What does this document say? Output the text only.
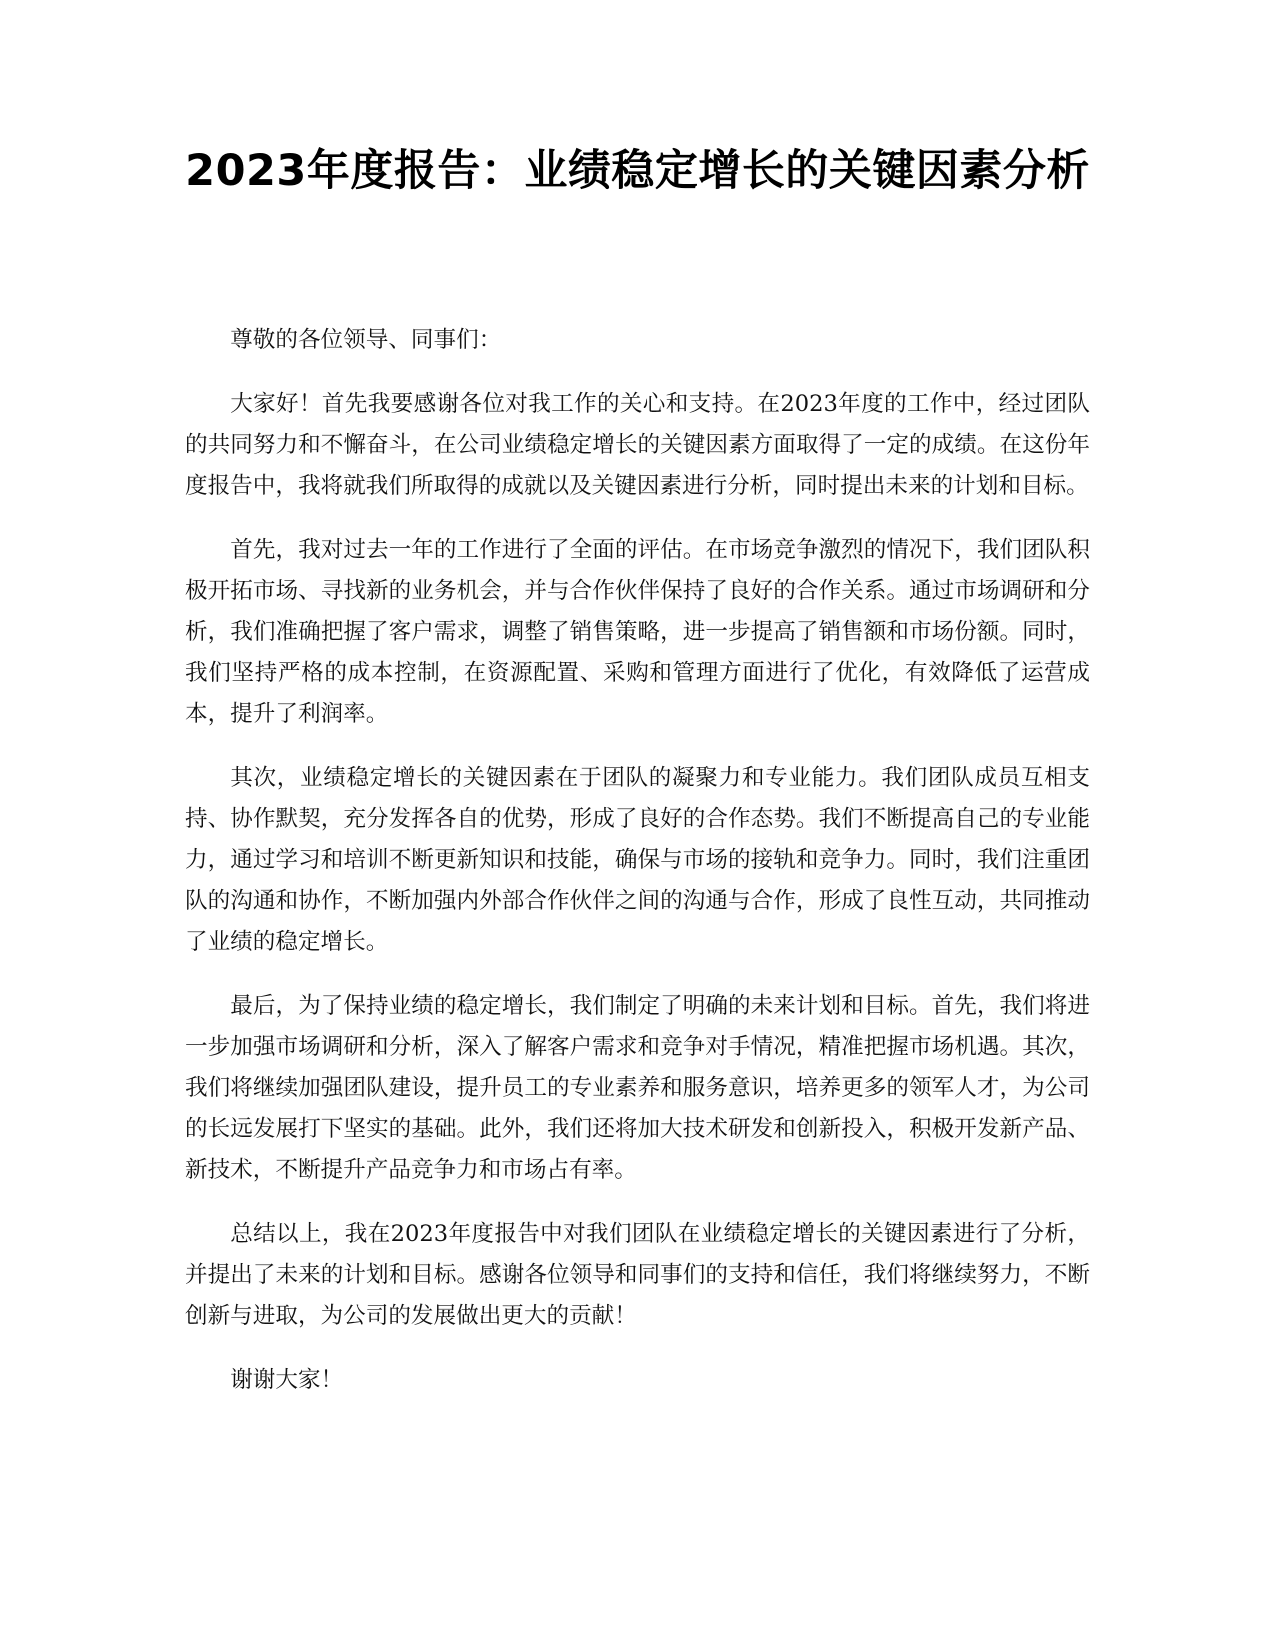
2023年度报告：业绩稳定增长的关键因素分析

尊敬的各位领导、同事们：

大家好！首先我要感谢各位对我工作的关心和支持。在2023年度的工作中，经过团队的共同努力和不懈奋斗，在公司业绩稳定增长的关键因素方面取得了一定的成绩。在这份年度报告中，我将就我们所取得的成就以及关键因素进行分析，同时提出未来的计划和目标。

首先，我对过去一年的工作进行了全面的评估。在市场竞争激烈的情况下，我们团队积极开拓市场、寻找新的业务机会，并与合作伙伴保持了良好的合作关系。通过市场调研和分析，我们准确把握了客户需求，调整了销售策略，进一步提高了销售额和市场份额。同时，我们坚持严格的成本控制，在资源配置、采购和管理方面进行了优化，有效降低了运营成本，提升了利润率。

其次，业绩稳定增长的关键因素在于团队的凝聚力和专业能力。我们团队成员互相支持、协作默契，充分发挥各自的优势，形成了良好的合作态势。我们不断提高自己的专业能力，通过学习和培训不断更新知识和技能，确保与市场的接轨和竞争力。同时，我们注重团队的沟通和协作，不断加强内外部合作伙伴之间的沟通与合作，形成了良性互动，共同推动了业绩的稳定增长。

最后，为了保持业绩的稳定增长，我们制定了明确的未来计划和目标。首先，我们将进一步加强市场调研和分析，深入了解客户需求和竞争对手情况，精准把握市场机遇。其次，我们将继续加强团队建设，提升员工的专业素养和服务意识，培养更多的领军人才，为公司的长远发展打下坚实的基础。此外，我们还将加大技术研发和创新投入，积极开发新产品、新技术，不断提升产品竞争力和市场占有率。

总结以上，我在2023年度报告中对我们团队在业绩稳定增长的关键因素进行了分析，并提出了未来的计划和目标。感谢各位领导和同事们的支持和信任，我们将继续努力，不断创新与进取，为公司的发展做出更大的贡献！

谢谢大家！
